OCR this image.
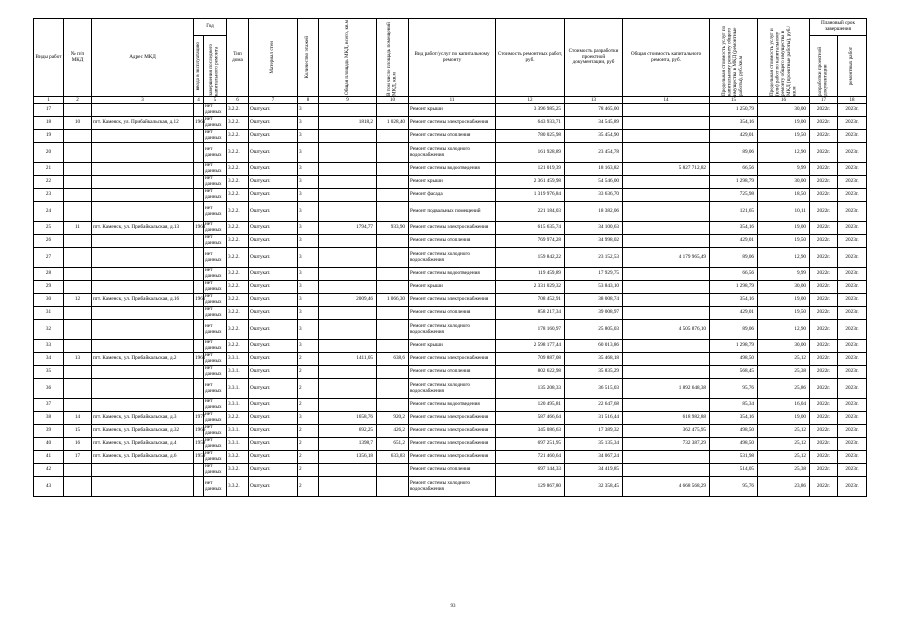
Виды работ	№ п/п МКД	Адрес МКД	Год		Тип дома	Материал стен	Количество этажей	Общая площадь МКД, всего, кв.м	В том числе площадь помещений МКД, кв.м	Вид работ/услуг по капитальному ремонту	Стоимость ремонтных работ, руб.	Стоимость разработки проектной документации, руб	Общая стоимость капитального ремонта, руб.	Предельная стоимость услуг по капитальному ремонту общего имущества в МКД (ремонтные работы), руб./кв.м	Предельная стоимость услуг и (или) работ по капитальному ремонту общего имущества в МКД (проектные работы), руб./кв.м	Плановый срок завершения	

			ввода в эксплуатацию	завершения последнего капитального ремонта												разработки проектной документации	ремонтных работ

1	2	3	4	5	6	7	8	9	10	11	12	13	14	15	16	17	18
17				нет данных	3.2.2.	Оштукат.	3			Ремонт крыши	3 396 985,25	78 465,00		1 250,79	30,00	2022г.	2023г.
18	10	пгт. Камеяск, ул. Прибайкальская, д.12	1961	нет данных	3.2.2.	Оштукат.	3	1818,2	1 028,40	Ремонт системы электроснабжения	643 933,71	34 545,89		354,16	19,00	2022г.	2023г.
19				нет данных	3.2.2.	Оштукат.	3			Ремонт системы отопления	780 025,98	35 454,90		429,01	19,50	2022г.	2023г.
20				нет данных	3.2.2.	Оштукат.	3			Ремонт системы холодного водоснабжения	161 928,89	23 454,78		89,06	12,90	2022г.	2023г.
21				нет данных	3.2.2.	Оштукат.	3			Ремонт системы водоотведения	121 019,39	18 163,82	5 827 712,82	66,56	9,99	2022г.	2023г.
22				нет данных	3.2.2.	Оштукат.	3			Ремонт крыши	2 361 459,98	54 546,00		1 298,79	30,00	2022г.	2023г.
23				нет данных	3.2.2.	Оштукат.	3			Ремонт фасада	1 319 976,84	33 636,70		725,98	18,50	2022г.	2023г.
24				нет данных	3.2.2.	Оштукат.	3			Ремонт подвальных помещений	221 184,03	18 382,06		121,65	10,11	2022г.	2023г.
25	11	пгт. Каменск, ул. Прибайкальская, д.13	1963	нет данных	3.2.2.	Оштукат.	3	1794,77	933,90	Ремонт системы электроснабжения	615 635,74	34 100,63		354,16	19,00	2022г.	2023г.
26				нет данных	3.2.2.	Оштукат.	3			Ремонт системы отопления	769 974,28	34 998,02		429,01	19,50	2022г.	2023г.
27				нет данных	3.2.2.	Оштукат.	3			Ремонт системы холодного водоснабжения	159 842,22	23 152,53	4 179 965,49	89,06	12,90	2022г.	2023г.
28				нет данных	3.2.2.	Оштукат.	3			Ремонт системы водоотведения	119 459,89	17 929,75		66,56	9,99	2022г.	2023г.
29				нет данных	3.2.2.	Оштукат.	3			Ремонт крыши	2 331 029,32	53 843,10		1 298,79	30,00	2022г.	2023г.
30	12	пгт. Каменск, ул. Прибайкальская, д.16	1961	нет данных	3.2.2.	Оштукат.	3	2009,46	1 066,30	Ремонт системы электроснабжения	708 452,91	38 008,74		354,16	19,00	2022г.	2023г.
31				нет данных	3.2.2.	Оштукат.	3			Ремонт системы отопления	858 217,34	39 008,97		429,01	19,50	2022г.	2023г.
32				нет данных	3.2.2.	Оштукат.	3			Ремонт системы холодного водоснабжения	178 160,97	25 805,03	4 505 876,10	89,06	12,90	2022г.	2023г.
33				нет данных	3.2.2.	Оштукат.	3			Ремонт крыши	2 598 177,44	60 013,86		1 298,79	30,00	2022г.	2023г.
34	13	пгт. Каменск, ул. Прибайкальская, д.2	1961	нет данных	3.3.1.	Оштукат.	2	1411,05	638,6	Ремонт системы электроснабжения	709 887,08	35 468,18		498,50	25,12	2022г.	2023г.
35				нет данных	3.3.1.	Оштукат.	2			Ремонт системы отопления	802 622,98	35 835,29		568,45	25,38	2022г.	2023г.
36				нет данных	3.3.1.	Оштукат.	2			Ремонт системы холодного водоснабжения	135 208,33	36 515,03	1 892 648,38	95,76	25,86	2022г.	2023г.
37				нет данных	3.3.1.	Оштукат.	2			Ремонт системы водоотведения	120 495,81	22 647,68		85,34	16,04	2022г.	2023г.
38	14	пгт. Каменск, ул. Прибайкальская, д.3	1977	нет данных	3.2.2.	Оштукат.	3	1658,76	920,2	Ремонт системы электроснабжения	587 466,64	31 516,44	618 982,88	354,16	19,00	2022г.	2023г.
39	15	пгт. Каменск, ул. Прибайкальская, д.32	1966	нет данных	3.3.1.	Оштукат.	2	692,25	426,2	Ремонт системы электроснабжения	345 086,63	17 389,32	362 475,95	498,50	25,12	2022г.	2023г.
40	16	пгт. Каменск, ул. Прибайкальская, д.4	1959	нет данных	3.3.1.	Оштукат.	2	1398,7	651,2	Ремонт системы электроснабжения	697 251,95	35 135,34	732 387,29	498,50	25,12	2022г.	2023г.
41	17	пгт. Каменск, ул. Прибайкальская, д.6	1959	нет данных	3.3.2.	Оштукат.	2	1356,18	633,83	Ремонт системы электроснабжения	721 460,64	34 067,24		531,98	25,12	2022г.	2023г.
42				нет данных	3.3.2.	Оштукат.	2			Ремонт системы отопления	697 144,33	34 419,85		514,05	25,38	2022г.	2023г.
43				нет данных	3.3.2.	Оштукат.	2			Ремонт системы холодного водоснабжения	129 867,80	32 358,45	4 668 568,29	95,76	23,86	2022г.	2023г.
93
